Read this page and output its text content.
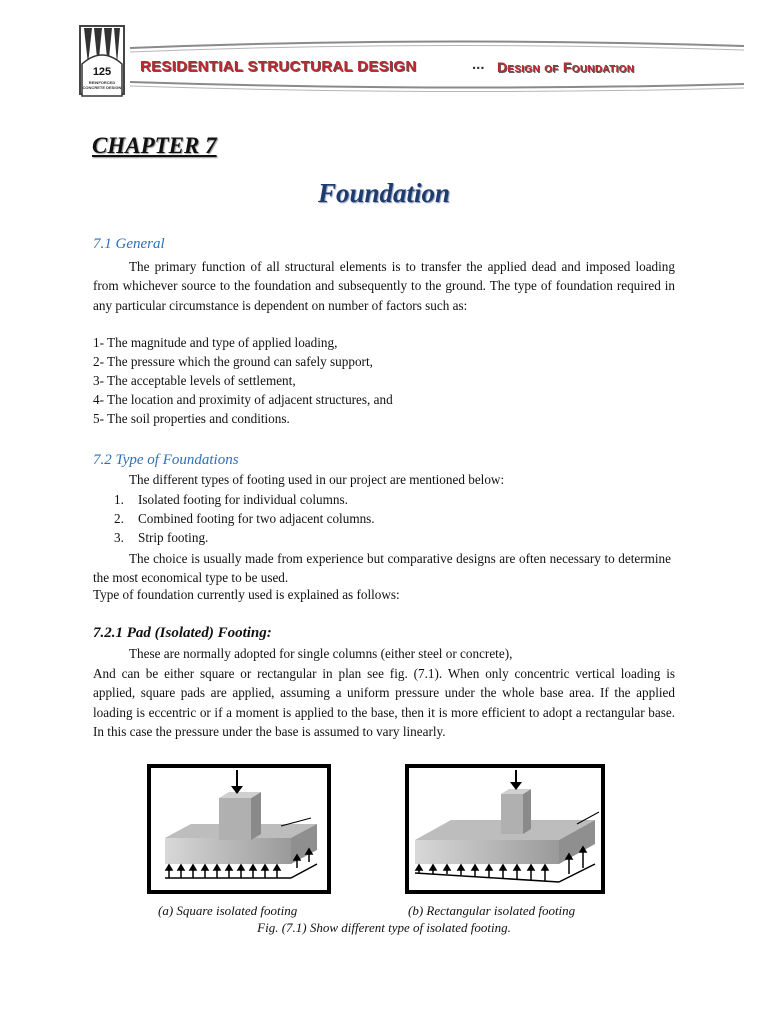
125
REINFORCED CONCRETE DESIGN
RESIDENTIAL STRUCTURAL DESIGN	... Design of Foundation
CHAPTER 7
Foundation
7.1 General
The primary function of all structural elements is to transfer the applied dead and imposed loading from whichever source to the foundation and subsequently to the ground. The type of foundation required in any particular circumstance is dependent on number of factors such as:
1- The magnitude and type of applied loading,
2- The pressure which the ground can safely support,
3- The acceptable levels of settlement,
4- The location and proximity of adjacent structures, and
5- The soil properties and conditions.
7.2 Type of Foundations
The different types of footing used in our project are mentioned below:
1. Isolated footing for individual columns.
2. Combined footing for two adjacent columns.
3. Strip footing.
The choice is usually made from experience but comparative designs are often necessary to determine the most economical type to be used.
Type of foundation currently used is explained as follows:
7.2.1 Pad (Isolated) Footing:
These are normally adopted for single columns (either steel or concrete),
And can be either square or rectangular in plan see fig. (7.1). When only concentric vertical loading is applied, square pads are applied, assuming a uniform pressure under the whole base area. If the applied loading is eccentric or if a moment is applied to the base, then it is more efficient to adopt a rectangular base. In this case the pressure under the base is assumed to vary linearly.
(a) Square isolated footing	(b) Rectangular isolated footing
Fig. (7.1) Show different type of isolated footing.
